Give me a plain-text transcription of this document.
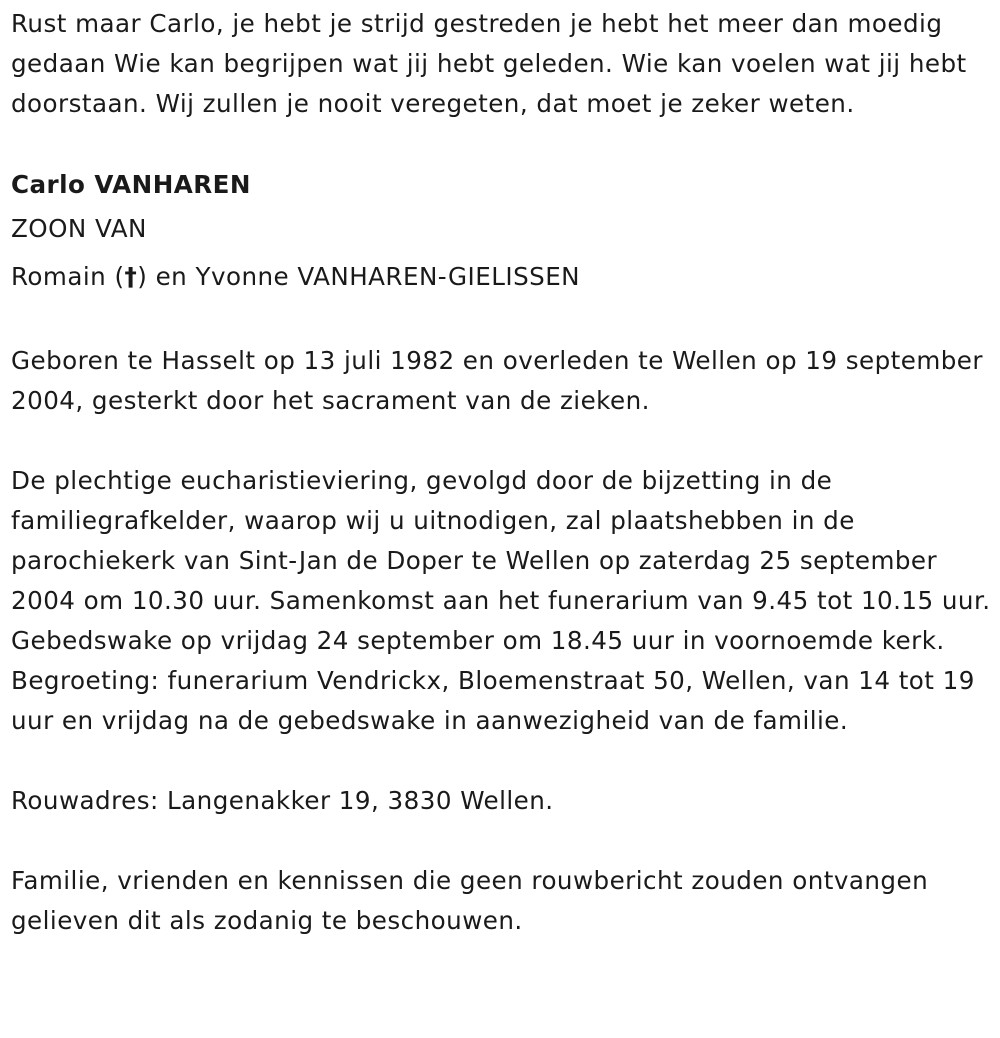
Rust maar Carlo, je hebt je strijd gestreden je hebt het meer dan moedig gedaan Wie kan begrijpen wat jij hebt geleden. Wie kan voelen wat jij hebt doorstaan. Wij zullen je nooit veregeten, dat moet je zeker weten.

Carlo VANHAREN

ZOON VAN

Romain (†) en Yvonne VANHAREN-GIELISSEN

Geboren te Hasselt op 13 juli 1982 en overleden te Wellen op 19 september 2004, gesterkt door het sacrament van de zieken.

De plechtige eucharistieviering, gevolgd door de bijzetting in de familiegrafkelder, waarop wij u uitnodigen, zal plaatshebben in de parochiekerk van Sint-Jan de Doper te Wellen op zaterdag 25 september 2004 om 10.30 uur. Samenkomst aan het funerarium van 9.45 tot 10.15 uur. Gebedswake op vrijdag 24 september om 18.45 uur in voornoemde kerk. Begroeting: funerarium Vendrickx, Bloemenstraat 50, Wellen, van 14 tot 19 uur en vrijdag na de gebedswake in aanwezigheid van de familie.

Rouwadres: Langenakker 19, 3830 Wellen.

Familie, vrienden en kennissen die geen rouwbericht zouden ontvangen gelieven dit als zodanig te beschouwen.
